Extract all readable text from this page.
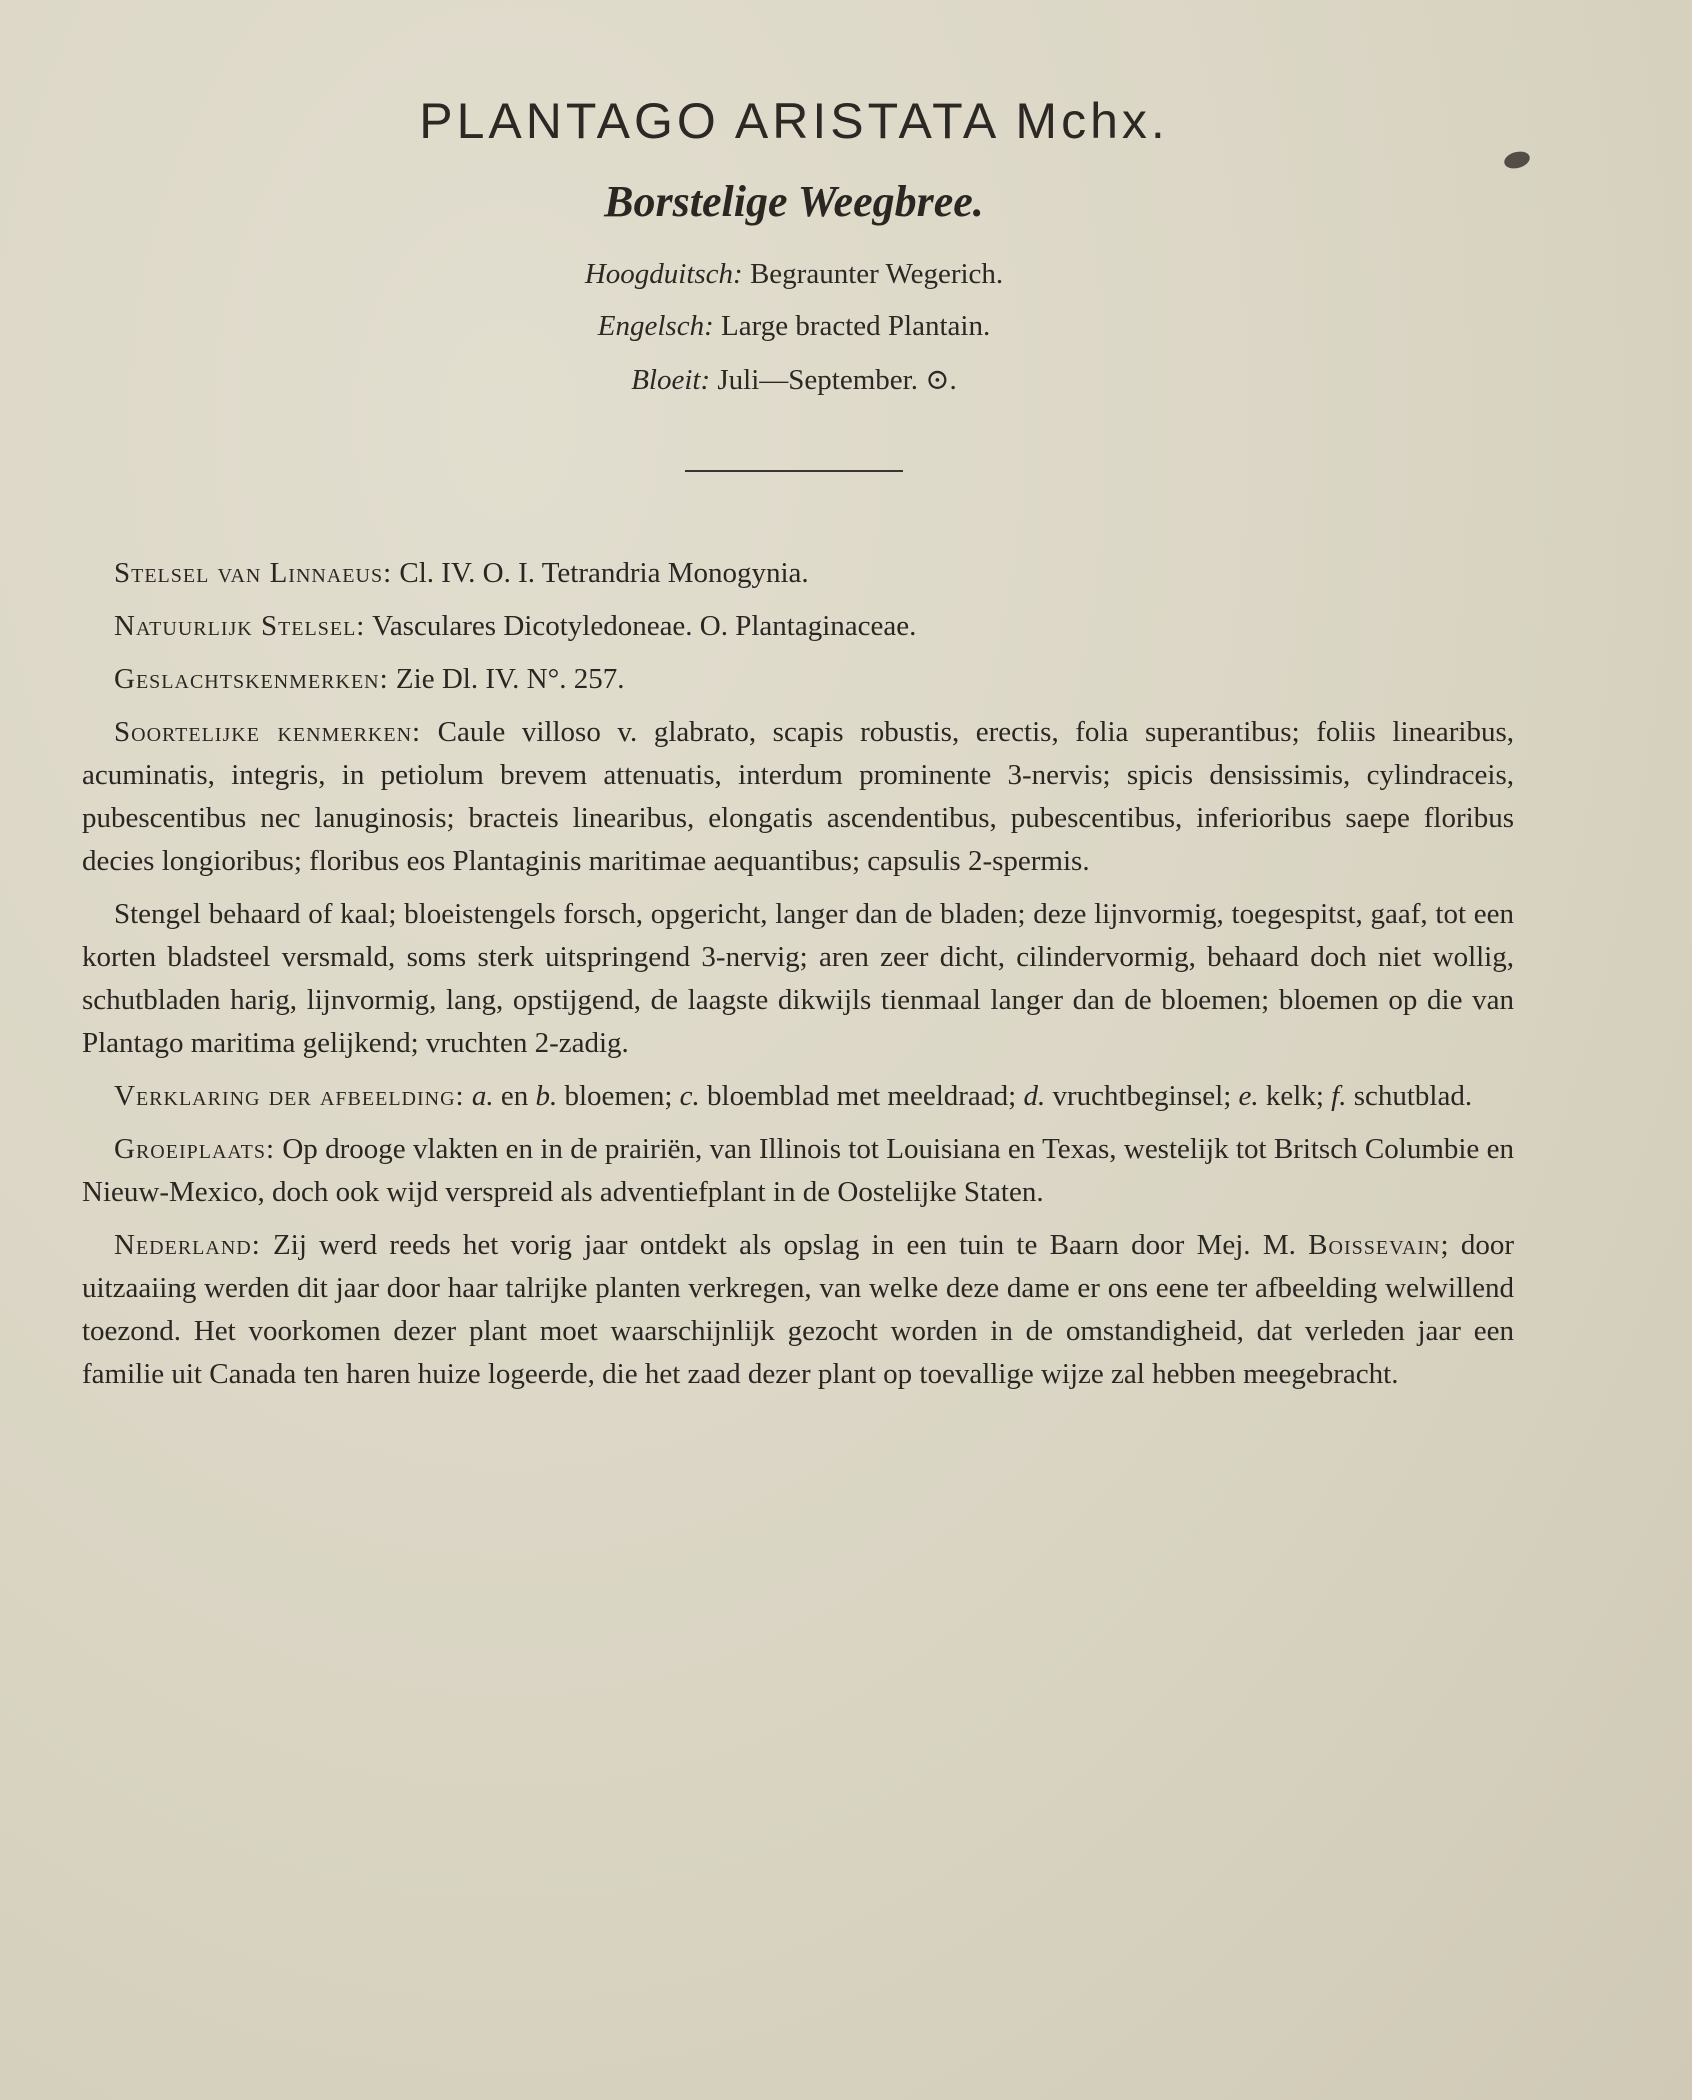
PLANTAGO ARISTATA Mchx.
Borstelige Weegbree.
Hoogduitsch: Begraunter Wegerich.
Engelsch: Large bracted Plantain.
Bloeit: Juli—September. ⊙.

Stelsel van Linnaeus: Cl. IV. O. I. Tetrandria Monogynia.

Natuurlijk Stelsel: Vasculares Dicotyledoneae. O. Plantaginaceae.

Geslachtskenmerken: Zie Dl. IV. N°. 257.

Soortelijke kenmerken: Caule villoso v. glabrato, scapis robustis, erectis, folia superantibus; foliis linearibus, acuminatis, integris, in petiolum brevem attenuatis, interdum prominente 3-nervis; spicis densissimis, cylindraceis, pubescentibus nec lanuginosis; bracteis linearibus, elongatis ascendentibus, pubescentibus, inferioribus saepe floribus decies longioribus; floribus eos Plantaginis maritimae aequantibus; capsulis 2-spermis.

Stengel behaard of kaal; bloeistengels forsch, opgericht, langer dan de bladen; deze lijnvormig, toegespitst, gaaf, tot een korten bladsteel versmald, soms sterk uitspringend 3-nervig; aren zeer dicht, cilindervormig, behaard doch niet wollig, schutbladen harig, lijnvormig, lang, opstijgend, de laagste dikwijls tienmaal langer dan de bloemen; bloemen op die van Plantago maritima gelijkend; vruchten 2-zadig.

Verklaring der afbeelding: a. en b. bloemen; c. bloemblad met meeldraad; d. vruchtbeginsel; e. kelk; f. schutblad.

Groeiplaats: Op drooge vlakten en in de prairiën, van Illinois tot Louisiana en Texas, westelijk tot Britsch Columbie en Nieuw-Mexico, doch ook wijd verspreid als adventiefplant in de Oostelijke Staten.

Nederland: Zij werd reeds het vorig jaar ontdekt als opslag in een tuin te Baarn door Mej. M. Boissevain; door uitzaaiing werden dit jaar door haar talrijke planten verkregen, van welke deze dame er ons eene ter afbeelding welwillend toezond. Het voorkomen dezer plant moet waarschijnlijk gezocht worden in de omstandigheid, dat verleden jaar een familie uit Canada ten haren huize logeerde, die het zaad dezer plant op toevallige wijze zal hebben meegebracht.
